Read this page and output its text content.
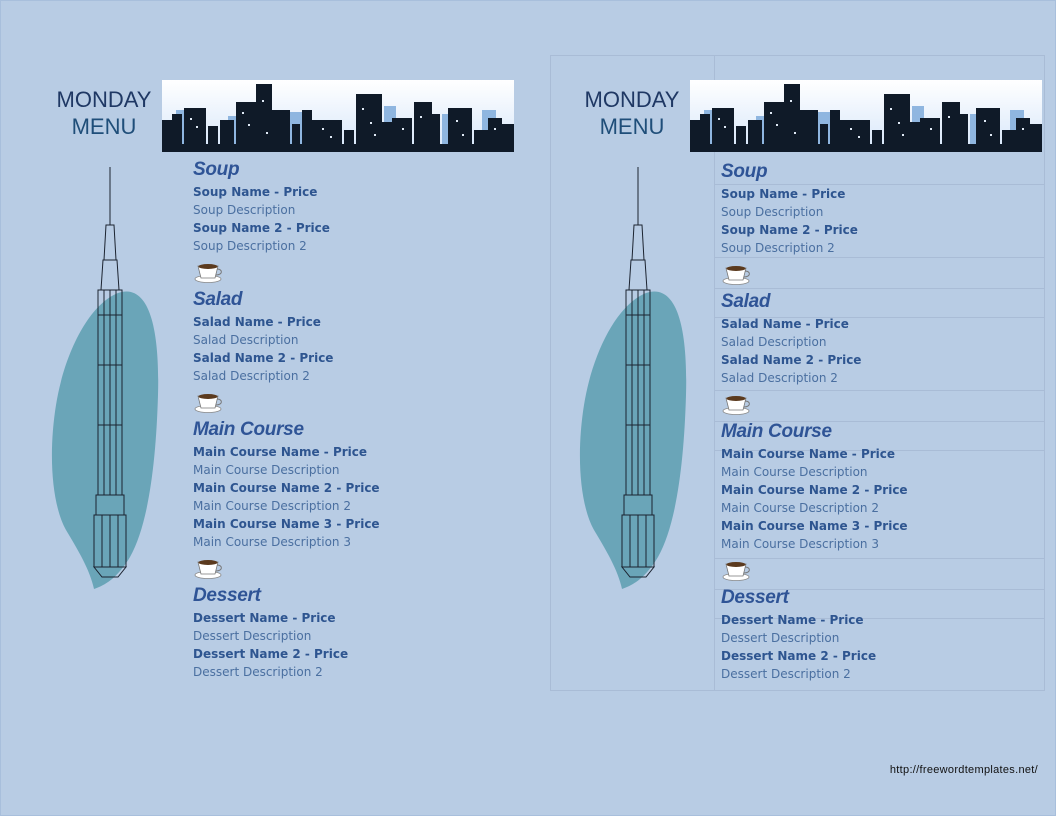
MONDAY
MENU
Soup
Soup Name - Price
Soup Description
Soup Name 2 - Price
Soup Description 2
Salad
Salad Name - Price
Salad Description
Salad Name 2 - Price
Salad Description 2
Main Course
Main Course Name - Price
Main Course Description
Main Course Name 2 - Price
Main Course Description 2
Main Course Name 3 - Price
Main Course Description 3
Dessert
Dessert Name - Price
Dessert Description
Dessert Name 2 - Price
Dessert Description 2
MONDAY
MENU
Soup
Soup Name - Price
Soup Description
Soup Name 2 - Price
Soup Description 2
Salad
Salad Name - Price
Salad Description
Salad Name 2 - Price
Salad Description 2
Main Course
Main Course Name - Price
Main Course Description
Main Course Name 2 - Price
Main Course Description 2
Main Course Name 3 - Price
Main Course Description 3
Dessert
Dessert Name - Price
Dessert Description
Dessert Name 2 - Price
Dessert Description 2
http://freewordtemplates.net/
